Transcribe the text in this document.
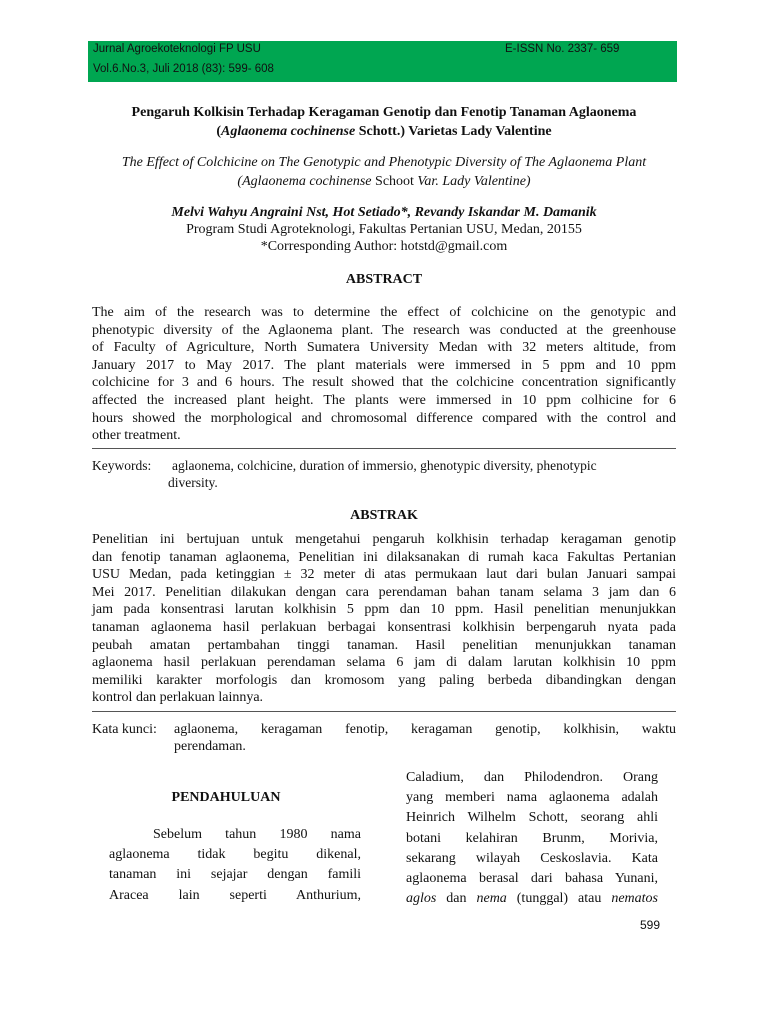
Jurnal Agroekoteknologi FP USU	E-ISSN No. 2337- 659
Vol.6.No.3, Juli 2018 (83): 599- 608
Pengaruh Kolkisin Terhadap Keragaman Genotip dan Fenotip Tanaman Aglaonema
(Aglaonema cochinense Schott.) Varietas Lady Valentine
The Effect of Colchicine on The Genotypic and Phenotypic Diversity of The Aglaonema Plant
(Aglaonema cochinense Schoot Var. Lady Valentine)
Melvi Wahyu Angraini Nst, Hot Setiado*, Revandy Iskandar M. Damanik
Program Studi Agroteknologi, Fakultas Pertanian USU, Medan, 20155
*Corresponding Author: hotstd@gmail.com
ABSTRACT
The aim of the research was to determine the effect of colchicine on the genotypic and
phenotypic diversity of the Aglaonema plant. The research was conducted at the greenhouse
of Faculty of Agriculture, North Sumatera University Medan with 32 meters altitude, from
January 2017 to May 2017. The plant materials were immersed in 5 ppm and 10 ppm
colchicine for 3 and 6 hours. The result showed that the colchicine concentration significantly
affected the increased plant height. The plants were immersed in 10 ppm colhicine for 6
hours showed the morphological and chromosomal difference compared with the control and
other treatment.
Keywords:	aglaonema, colchicine, duration of immersio, ghenotypic diversity, phenotypic
diversity.
ABSTRAK
Penelitian ini bertujuan untuk mengetahui pengaruh kolkhisin terhadap keragaman genotip
dan fenotip tanaman aglaonema, Penelitian ini dilaksanakan di rumah kaca Fakultas Pertanian
USU Medan, pada ketinggian ± 32 meter di atas permukaan laut dari bulan Januari sampai
Mei 2017. Penelitian dilakukan dengan cara perendaman bahan tanam selama 3 jam dan 6
jam pada konsentrasi larutan kolkhisin 5 ppm dan 10 ppm. Hasil penelitian menunjukkan
tanaman aglaonema hasil perlakuan berbagai konsentrasi kolkhisin berpengaruh nyata pada
peubah amatan pertambahan tinggi tanaman. Hasil penelitian menunjukkan tanaman
aglaonema hasil perlakuan perendaman selama 6 jam di dalam larutan kolkhisin 10 ppm
memiliki karakter morfologis dan kromosom yang paling berbeda dibandingkan dengan
kontrol dan perlakuan lainnya.
Kata kunci:	aglaonema,   keragaman   fenotip,   keragaman   genotip,   kolkhisin,   waktu
perendaman.
PENDAHULUAN
Sebelum tahun 1980 nama
aglaonema tidak begitu dikenal,
tanaman ini sejajar dengan famili
Aracea lain seperti Anthurium,
Caladium, dan Philodendron. Orang
yang memberi nama aglaonema adalah
Heinrich Wilhelm Schott, seorang ahli
botani kelahiran Brunm, Morivia,
sekarang wilayah Ceskoslavia. Kata
aglaonema berasal dari bahasa Yunani,
aglos dan nema (tunggal) atau nematos
599
